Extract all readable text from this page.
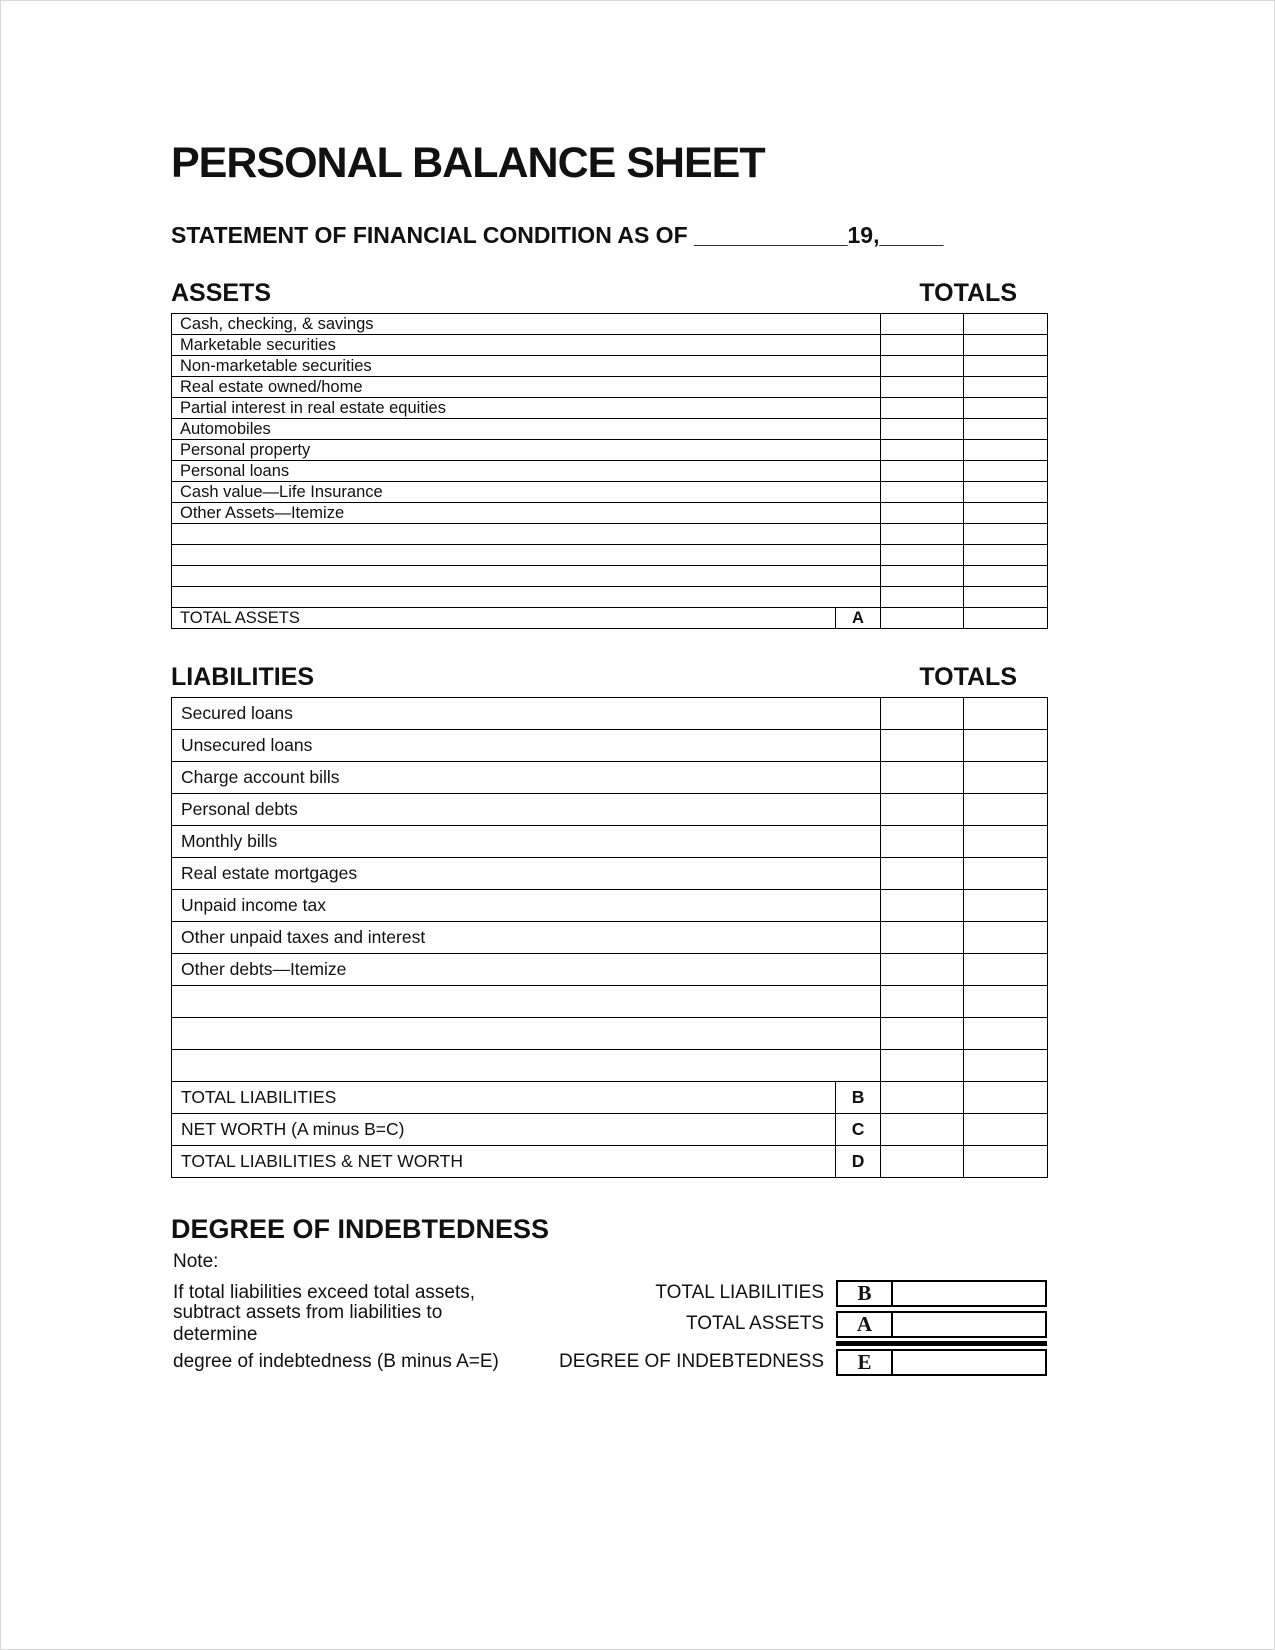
PERSONAL BALANCE SHEET
STATEMENT OF FINANCIAL CONDITION AS OF ____________19,_____
ASSETS	TOTALS
Cash, checking, & savings			
Marketable securities			
Non-marketable securities			
Real estate owned/home			
Partial interest in real estate equities			
Automobiles			
Personal property			
Personal loans			
Cash value—Life Insurance			
Other Assets—Itemize			

TOTAL ASSETS	A		
LIABILITIES	TOTALS
Secured loans			
Unsecured loans			
Charge account bills			
Personal debts			
Monthly bills			
Real estate mortgages			
Unpaid income tax			
Other unpaid taxes and interest			
Other debts—Itemize			

TOTAL LIABILITIES	B		
NET WORTH (A minus B=C)	C		
TOTAL LIABILITIES & NET WORTH	D		
DEGREE OF INDEBTEDNESS
Note:
If total liabilities exceed total assets,	TOTAL LIABILITIES	B
subtract assets from liabilities to determine
TOTAL ASSETS	A
degree of indebtedness (B minus A=E)	DEGREE OF INDEBTEDNESS	E
